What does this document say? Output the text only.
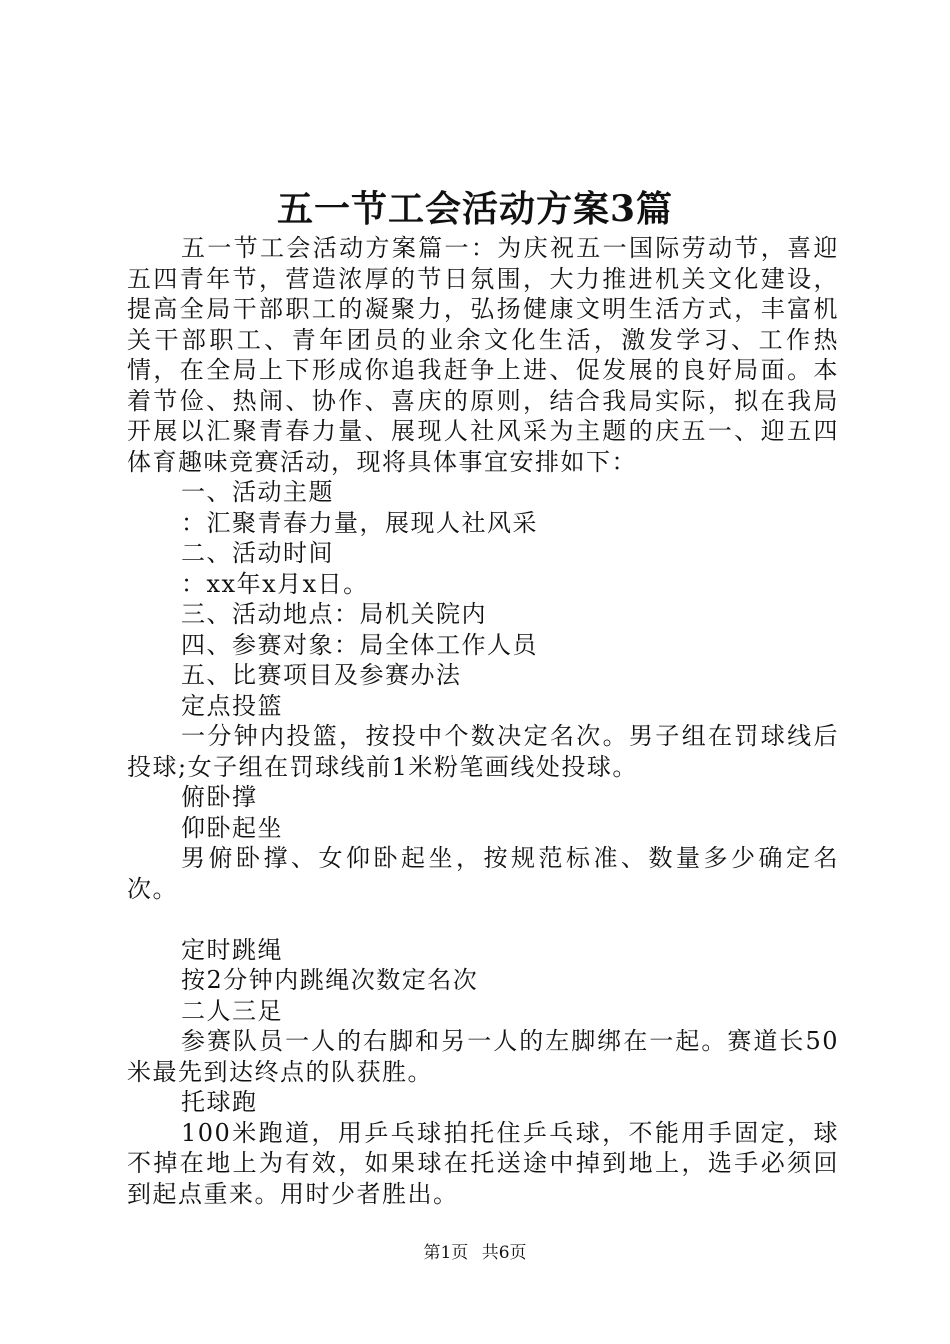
五一节工会活动方案3篇

五一节工会活动方案篇一：为庆祝五一国际劳动节，喜迎五四青年节，营造浓厚的节日氛围，大力推进机关文化建设，提高全局干部职工的凝聚力，弘扬健康文明生活方式，丰富机关干部职工、青年团员的业余文化生活，激发学习、工作热情，在全局上下形成你追我赶争上进、促发展的良好局面。本着节俭、热闹、协作、喜庆的原则，结合我局实际，拟在我局开展以汇聚青春力量、展现人社风采为主题的庆五一、迎五四体育趣味竞赛活动，现将具体事宜安排如下：

一、活动主题

：汇聚青春力量，展现人社风采

二、活动时间

：xx年x月x日。

三、活动地点：局机关院内

四、参赛对象：局全体工作人员

五、比赛项目及参赛办法

定点投篮

一分钟内投篮，按投中个数决定名次。男子组在罚球线后投球;女子组在罚球线前1米粉笔画线处投球。

俯卧撑

仰卧起坐

男俯卧撑、女仰卧起坐，按规范标准、数量多少确定名次。

定时跳绳

按2分钟内跳绳次数定名次

二人三足

参赛队员一人的右脚和另一人的左脚绑在一起。赛道长50米最先到达终点的队获胜。

托球跑

100米跑道，用乒乓球拍托住乒乓球，不能用手固定，球不掉在地上为有效，如果球在托送途中掉到地上，选手必须回到起点重来。用时少者胜出。

第1页 共6页
